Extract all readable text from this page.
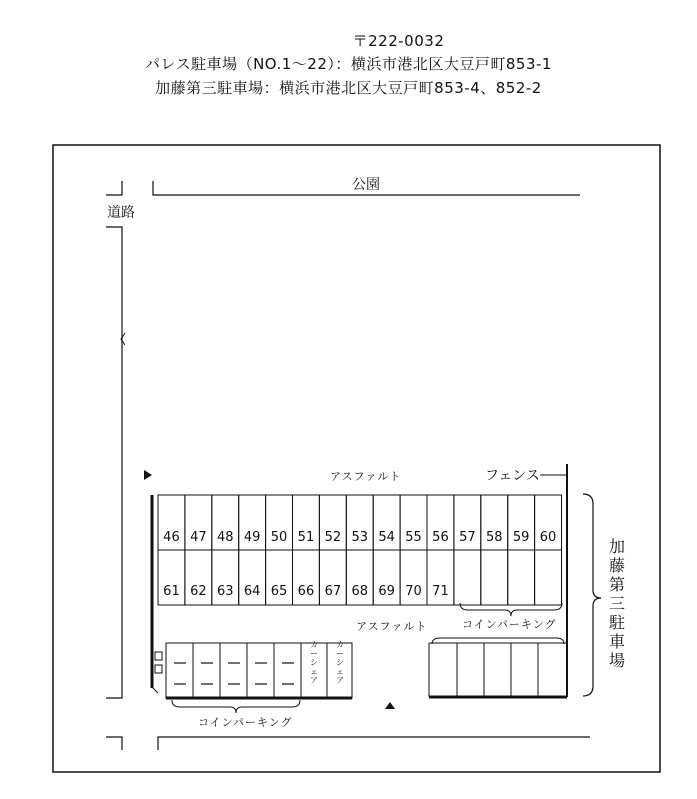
〒222-0032
パレス駐車場（NO.1～22）：横浜市港北区大豆戸町853-1
加藤第三駐車場：横浜市港北区大豆戸町853-4、852-2
公園
道路
アスファルト	フェンス
46 47 48 49 50 51 52 53 54 55 56 57 58 59 60
61 62 63 64 65 66 67 68 69 70 71
アスファルト	コインパーキング
カーシェア
カーシェア
コインパーキング
加藤第三駐車場
